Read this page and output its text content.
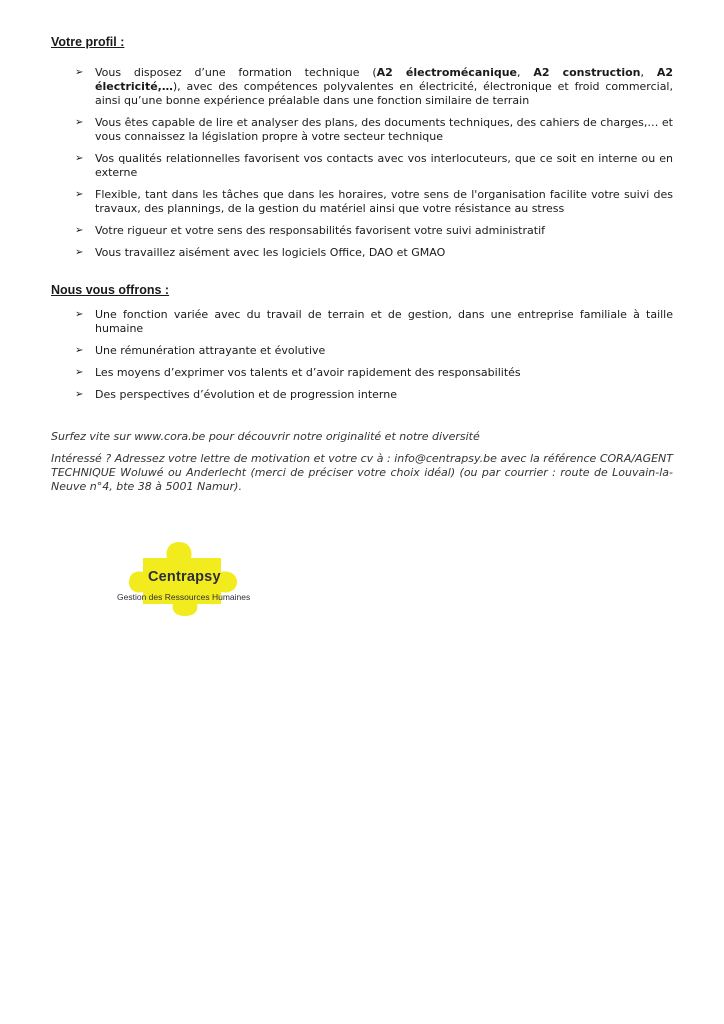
Votre profil :
➢ Vous disposez d’une formation technique (A2 électromécanique, A2 construction, A2 électricité,…), avec des compétences polyvalentes en électricité, électronique et froid commercial, ainsi qu’une bonne expérience préalable dans une fonction similaire de terrain
➢ Vous êtes capable de lire et analyser des plans, des documents techniques, des cahiers de charges,… et vous connaissez la législation propre à votre secteur technique
➢ Vos qualités relationnelles favorisent vos contacts avec vos interlocuteurs, que ce soit en interne ou en externe
➢ Flexible, tant dans les tâches que dans les horaires, votre sens de l'organisation facilite votre suivi des travaux, des plannings, de la gestion du matériel ainsi que votre résistance au stress
➢ Votre rigueur et votre sens des responsabilités favorisent votre suivi administratif
➢ Vous travaillez aisément avec les logiciels Office, DAO et GMAO
Nous vous offrons :
➢ Une fonction variée avec du travail de terrain et de gestion, dans une entreprise familiale à taille humaine
➢ Une rémunération attrayante et évolutive
➢ Les moyens d’exprimer vos talents et d’avoir rapidement des responsabilités
➢ Des perspectives d’évolution et de progression interne

Surfez vite sur www.cora.be pour découvrir notre originalité et notre diversité

Intéressé ? Adressez votre lettre de motivation et votre cv à : info@centrapsy.be avec la référence CORA/AGENT TECHNIQUE Woluwé ou Anderlecht (merci de préciser votre choix idéal) (ou par courrier : route de Louvain-la-Neuve n°4, bte 38 à 5001 Namur).

Centrapsy
Gestion des Ressources Humaines
